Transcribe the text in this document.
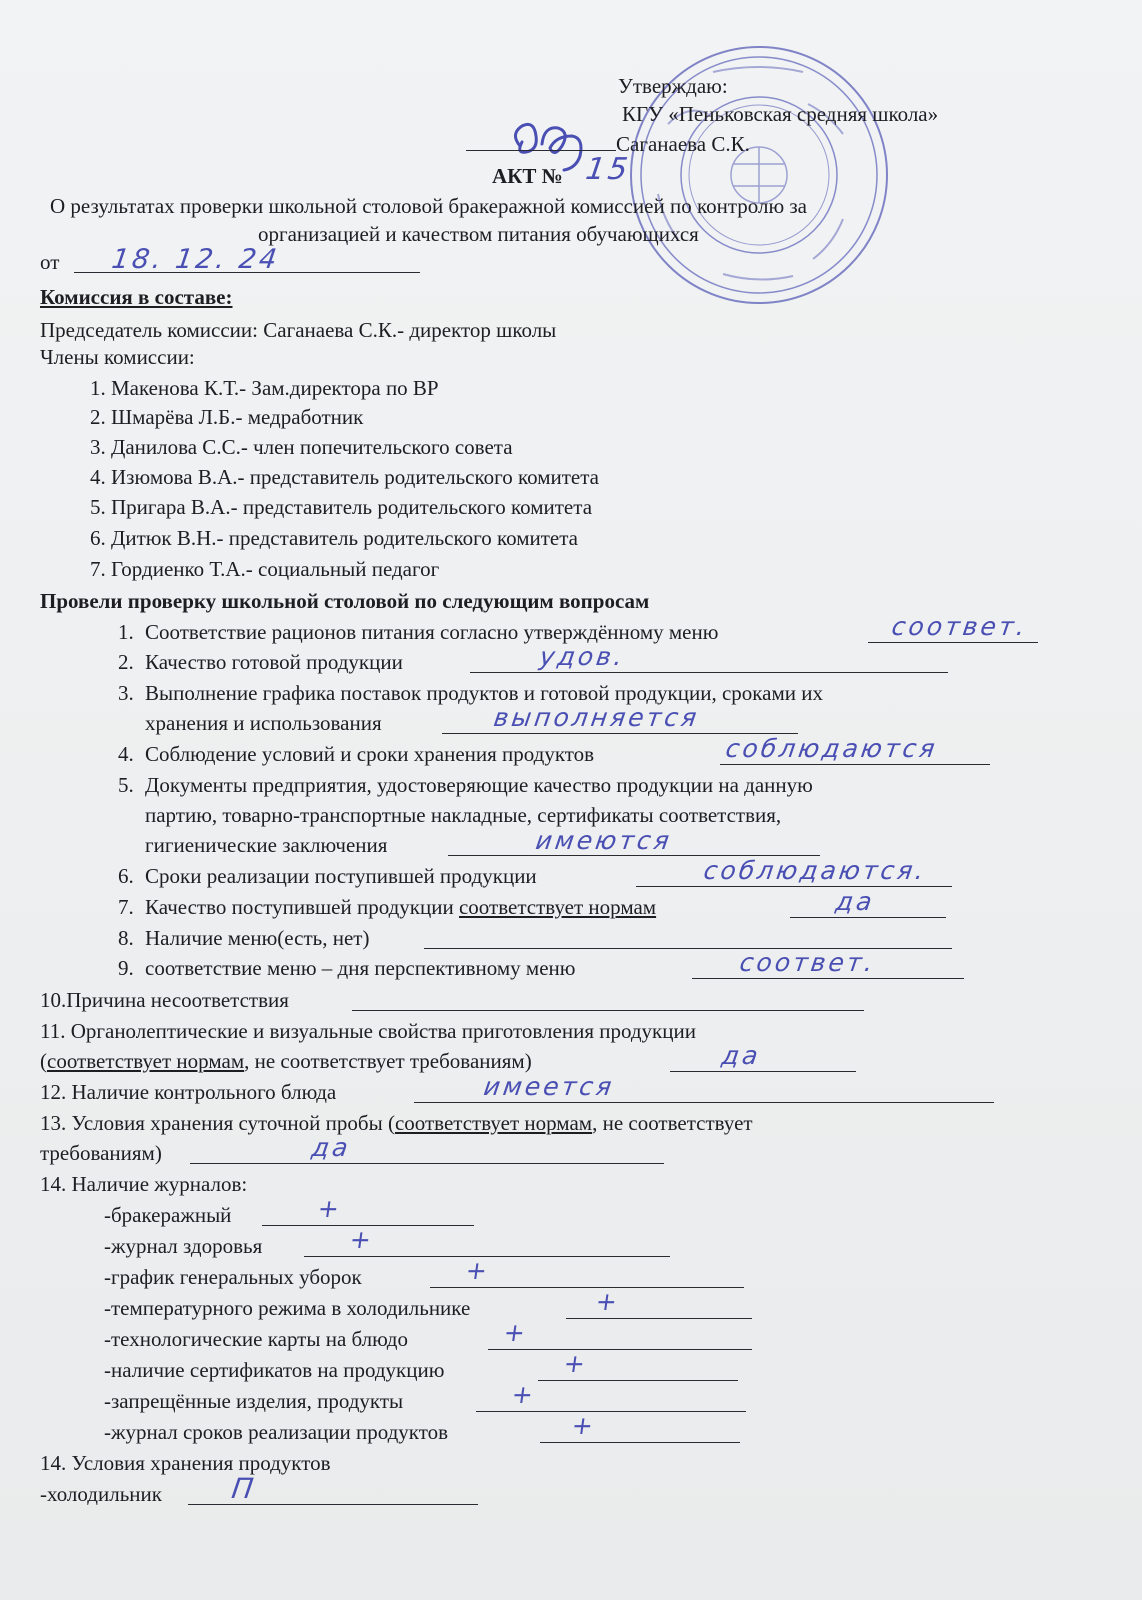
Утверждаю:
КГУ «Пеньковская средняя школа»
Саганаева С.К.
АКТ № 15
О результатах проверки школьной столовой бракеражной комиссией по контролю за
организацией и качеством питания обучающихся
от 18. 12. 24
Комиссия в составе:
Председатель комиссии: Саганаева С.К.- директор школы
Члены комиссии:
1. Макенова К.Т.- Зам.директора по ВР
2. Шмарёва Л.Б.- медработник
3. Данилова С.С.- член попечительского совета
4. Изюмова В.А.- представитель родительского комитета
5. Пригара В.А.- представитель родительского комитета
6. Дитюк В.Н.- представитель родительского комитета
7. Гордиенко Т.А.- социальный педагог
Провели проверку школьной столовой по следующим вопросам
1. Соответствие рационов питания согласно утверждённому меню	соответ.
2. Качество готовой продукции	удов.
3. Выполнение графика поставок продуктов и готовой продукции, сроками их
хранения и использования	выполняется
4. Соблюдение условий и сроки хранения продуктов	соблюдаются
5. Документы предприятия, удостоверяющие качество продукции на данную
партию, товарно-транспортные накладные, сертификаты соответствия,
гигиенические заключения	имеются
6. Сроки реализации поступившей продукции	соблюдаются.
7. Качество поступившей продукции соответствует нормам	да
8. Наличие меню(есть, нет)
9. соответствие меню – дня перспективному меню	соответ.
10.Причина несоответствия
11. Органолептические и визуальные свойства приготовления продукции
(соответствует нормам, не соответствует требованиям)	да
12. Наличие контрольного блюда	имеется
13. Условия хранения суточной пробы (соответствует нормам, не соответствует
требованиям)	да
14. Наличие журналов:
-бракеражный	+
-журнал здоровья	+
-график генеральных уборок	+
-температурного режима в холодильнике	+
-технологические карты на блюдо	+
-наличие сертификатов на продукцию	+
-запрещённые изделия, продукты	+
-журнал сроков реализации продуктов	+
14. Условия хранения продуктов
-холодильник П
